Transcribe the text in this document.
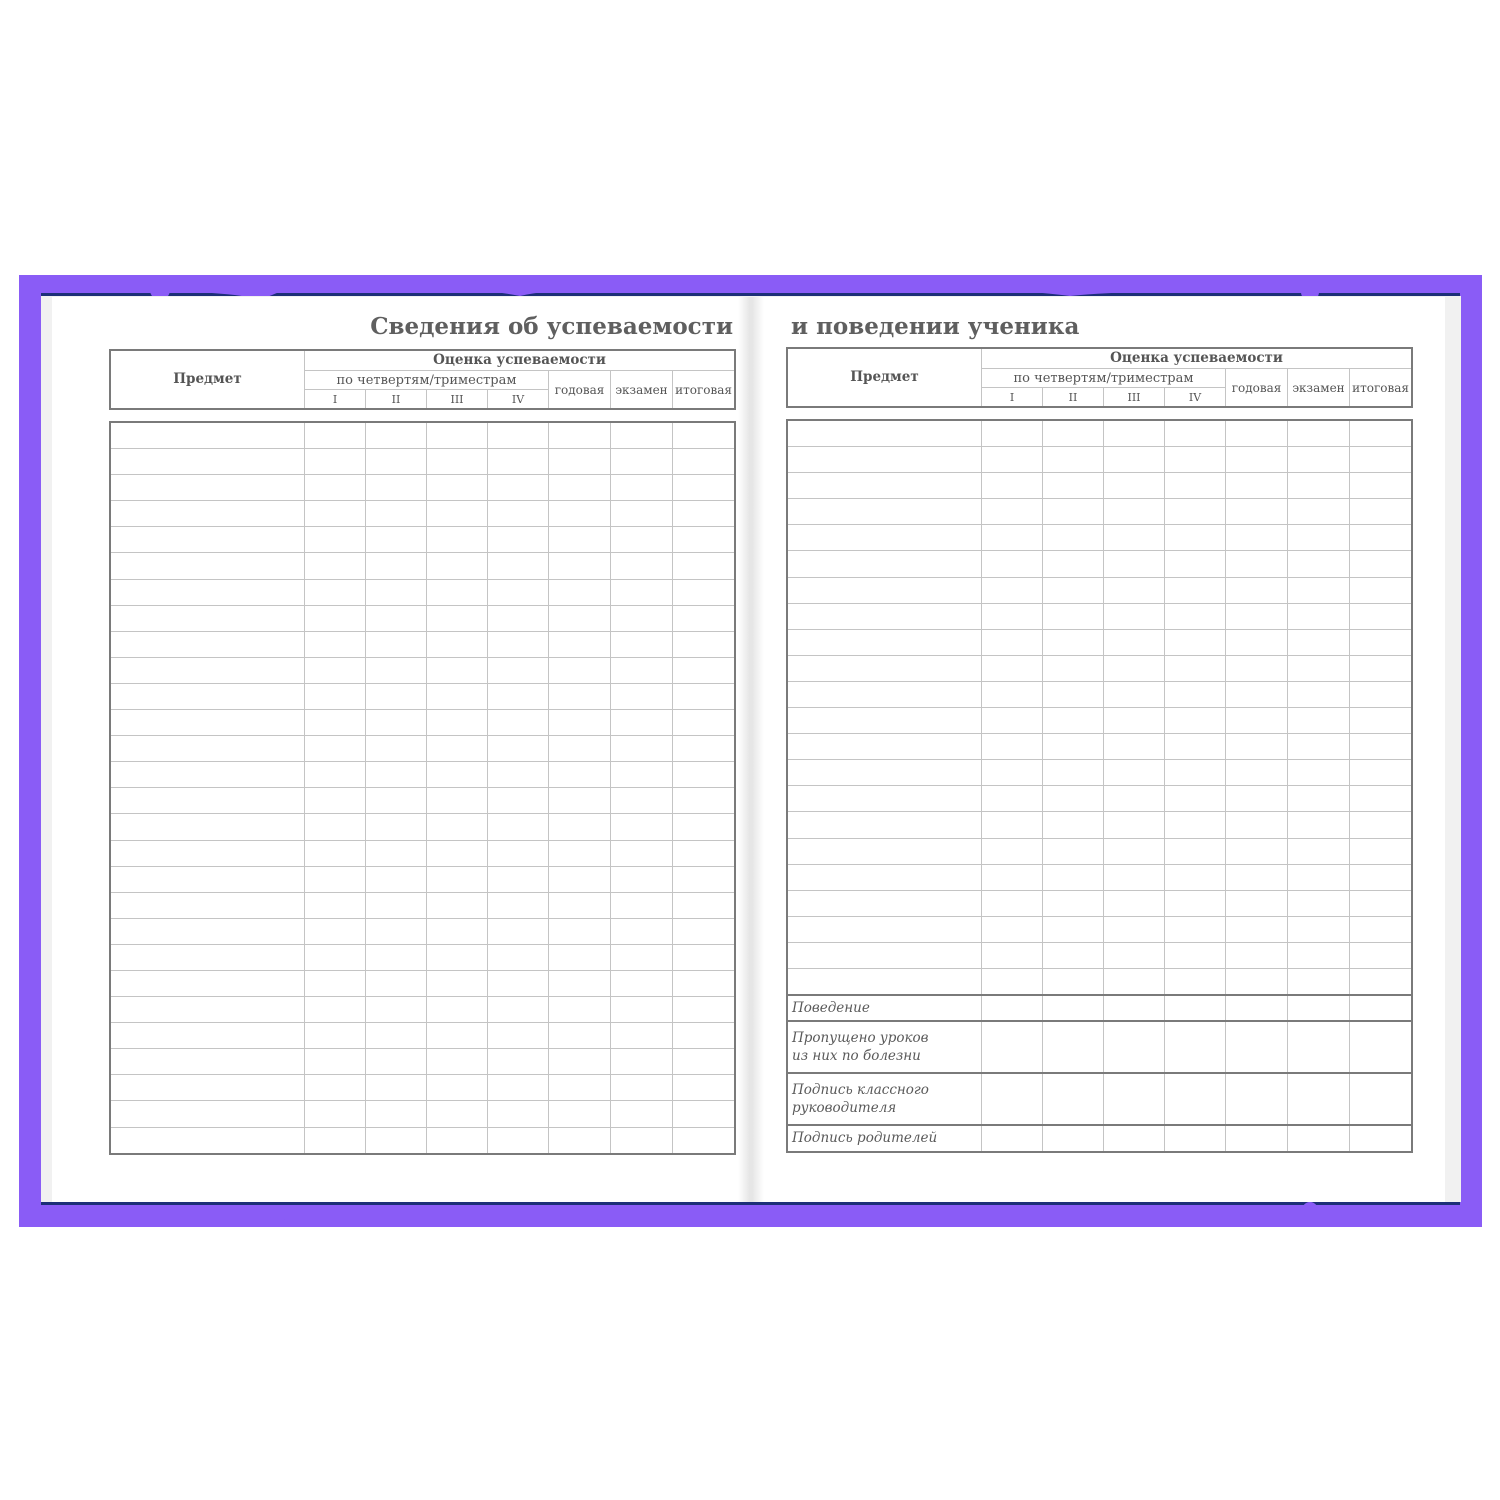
Сведения об успеваемости	и поведении ученика

Предмет	Оценка успеваемости						
	по четвертям/триместрам				годовая	экзамен	итоговая
	I	II	III	IV			

Предмет	Оценка успеваемости						
	по четвертям/триместрам				годовая	экзамен	итоговая
	I	II	III	IV			

Поведение							
Пропущено уроков
из них по болезни							
Подпись классного
руководителя							
Подпись родителей							
